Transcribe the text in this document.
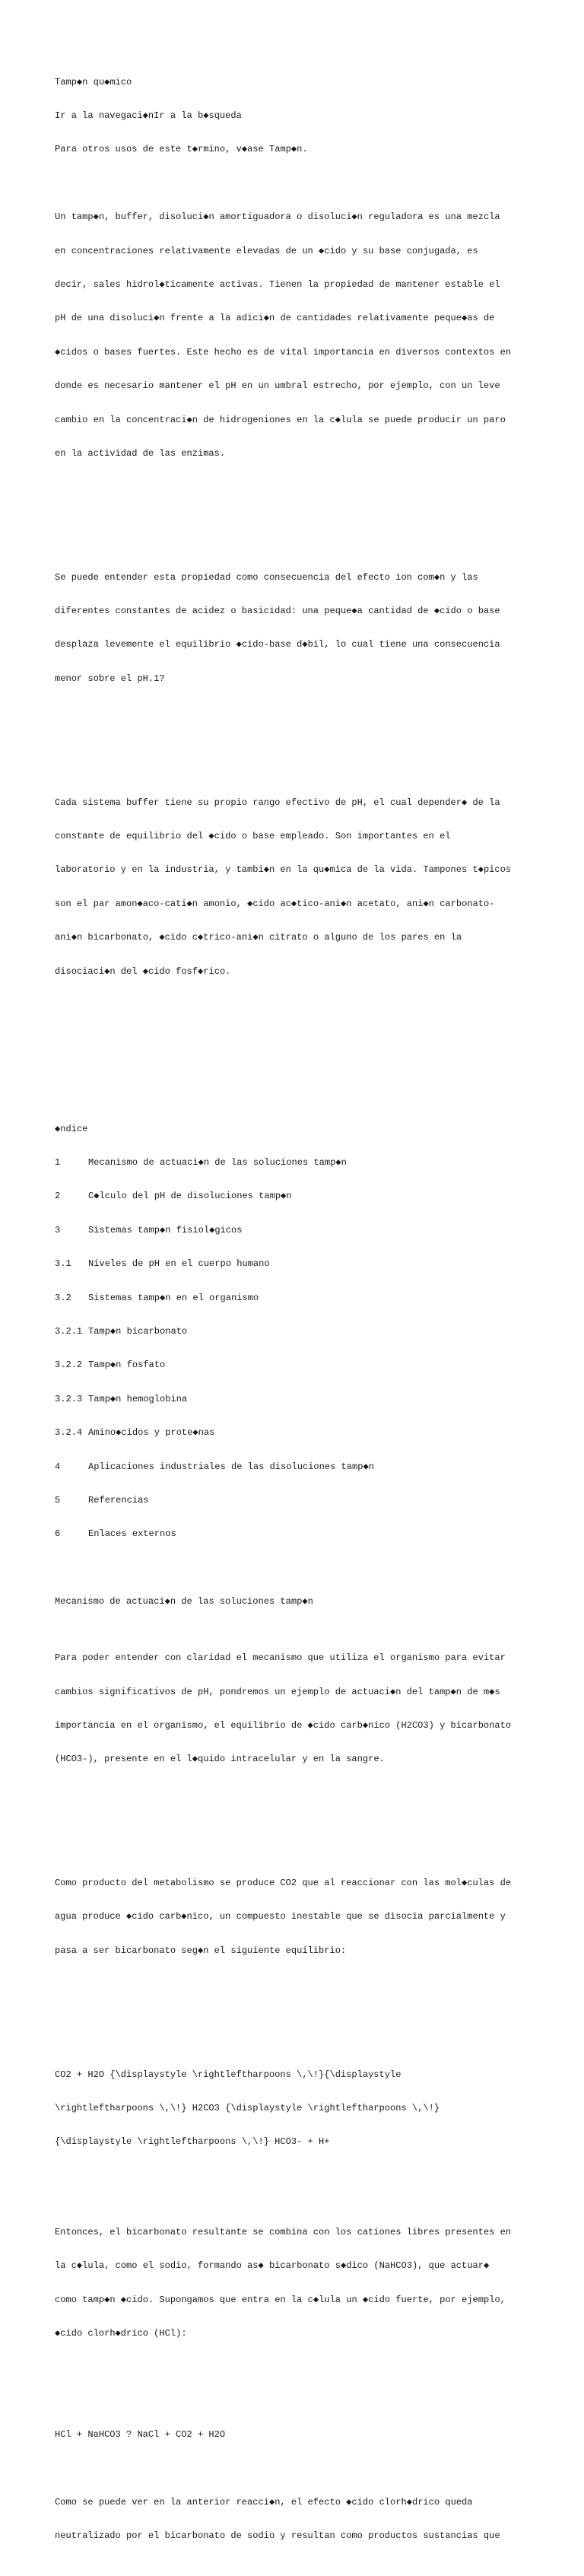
Tamp◆n qu◆mico

Ir a la navegaci◆nIr a la b◆squeda

Para otros usos de este t◆rmino, v◆ase Tamp◆n.

Un tamp◆n, buffer, disoluci◆n amortiguadora o disoluci◆n reguladora es una mezcla

en concentraciones relativamente elevadas de un ◆cido y su base conjugada, es

decir, sales hidrol◆ticamente activas. Tienen la propiedad de mantener estable el

pH de una disoluci◆n frente a la adici◆n de cantidades relativamente peque◆as de

◆cidos o bases fuertes. Este hecho es de vital importancia en diversos contextos en

donde es necesario mantener el pH en un umbral estrecho, por ejemplo, con un leve

cambio en la concentraci◆n de hidrogeniones en la c◆lula se puede producir un paro

en la actividad de las enzimas.

Se puede entender esta propiedad como consecuencia del efecto ion com◆n y las

diferentes constantes de acidez o basicidad: una peque◆a cantidad de ◆cido o base

desplaza levemente el equilibrio ◆cido-base d◆bil, lo cual tiene una consecuencia

menor sobre el pH.1?

Cada sistema buffer tiene su propio rango efectivo de pH, el cual depender◆ de la

constante de equilibrio del ◆cido o base empleado. Son importantes en el

laboratorio y en la industria, y tambi◆n en la qu◆mica de la vida. Tampones t◆picos

son el par amon◆aco-cati◆n amonio, ◆cido ac◆tico-ani◆n acetato, ani◆n carbonato-

ani◆n bicarbonato, ◆cido c◆trico-ani◆n citrato o alguno de los pares en la

disociaci◆n del ◆cido fosf◆rico.

◆ndice

1	Mecanismo de actuaci◆n de las soluciones tamp◆n

2	C◆lculo del pH de disoluciones tamp◆n

3	Sistemas tamp◆n fisiol◆gicos

3.1 Niveles de pH en el cuerpo humano

3.2 Sistemas tamp◆n en el organismo

3.2.1 Tamp◆n bicarbonato

3.2.2 Tamp◆n fosfato

3.2.3 Tamp◆n hemoglobina

3.2.4 Amino◆cidos y prote◆nas

4	Aplicaciones industriales de las disoluciones tamp◆n

5	Referencias

6	Enlaces externos

Mecanismo de actuaci◆n de las soluciones tamp◆n

Para poder entender con claridad el mecanismo que utiliza el organismo para evitar

cambios significativos de pH, pondremos un ejemplo de actuaci◆n del tamp◆n de m◆s

importancia en el organismo, el equilibrio de ◆cido carb◆nico (H2CO3) y bicarbonato

(HCO3-), presente en el l◆quido intracelular y en la sangre.

Como producto del metabolismo se produce CO2 que al reaccionar con las mol◆culas de

agua produce ◆cido carb◆nico, un compuesto inestable que se disocia parcialmente y

pasa a ser bicarbonato seg◆n el siguiente equilibrio:

CO2 + H2O {\displaystyle \rightleftharpoons \,\!}{\displaystyle

\rightleftharpoons \,\!} H2CO3 {\displaystyle \rightleftharpoons \,\!}

{\displaystyle \rightleftharpoons \,\!} HCO3- + H+

Entonces, el bicarbonato resultante se combina con los cationes libres presentes en

la c◆lula, como el sodio, formando as◆ bicarbonato s◆dico (NaHCO3), que actuar◆

como tamp◆n ◆cido. Supongamos que entra en la c◆lula un ◆cido fuerte, por ejemplo,

◆cido clorh◆drico (HCl):

HCl + NaHCO3 ? NaCl + CO2 + H2O

Como se puede ver en la anterior reacci◆n, el efecto ◆cido clorh◆drico queda

neutralizado por el bicarbonato de sodio y resultan como productos sustancias que
